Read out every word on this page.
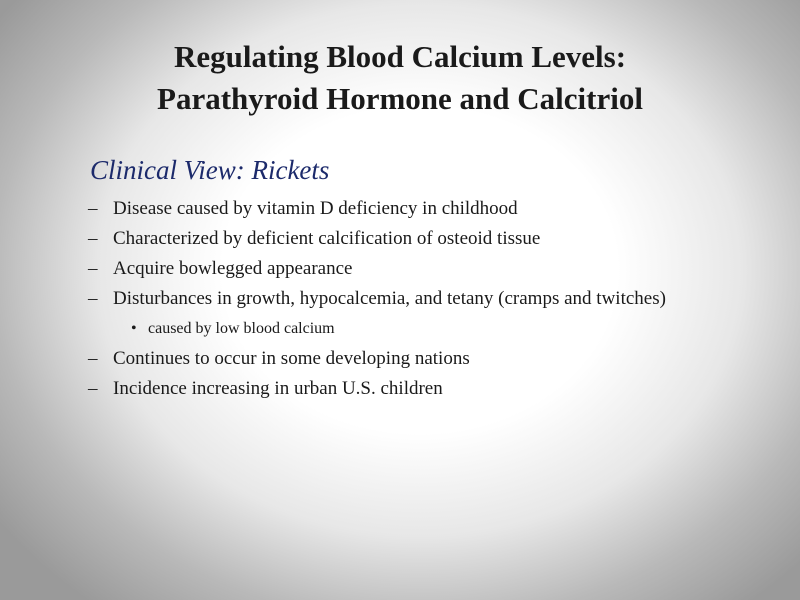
Regulating Blood Calcium Levels:
Parathyroid Hormone and Calcitriol
Clinical View: Rickets
– Disease caused by vitamin D deficiency in childhood
– Characterized by deficient calcification of osteoid tissue
– Acquire bowlegged appearance
– Disturbances in growth, hypocalcemia, and tetany (cramps and twitches)
• caused by low blood calcium
– Continues to occur in some developing nations
– Incidence increasing in urban U.S. children
